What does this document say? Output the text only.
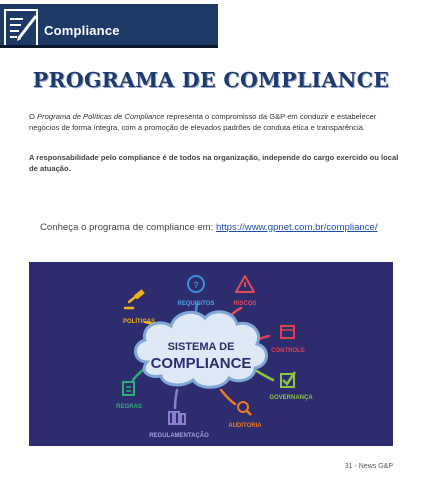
Compliance
PROGRAMA DE COMPLIANCE

O Programa de Políticas de Compliance representa o compromisso da G&P em conduzir e estabelecer negócios de forma íntegra, com a promoção de elevados padrões de conduta ética e transparência.

A responsabilidade pelo compliance é de todos na organização, independe do cargo exercido ou local de atuação.

Conheça o programa de compliance em: https://www.gpnet.com.br/compliance/
SISTEMA DE
COMPLIANCE
?
REQUISITOS	RISCOS
POLÍTICAS
CONTROLE
REGRAS
GOVERNANÇA
REGULAMENTAÇÃO
AUDITORIA
31 - News G&P
